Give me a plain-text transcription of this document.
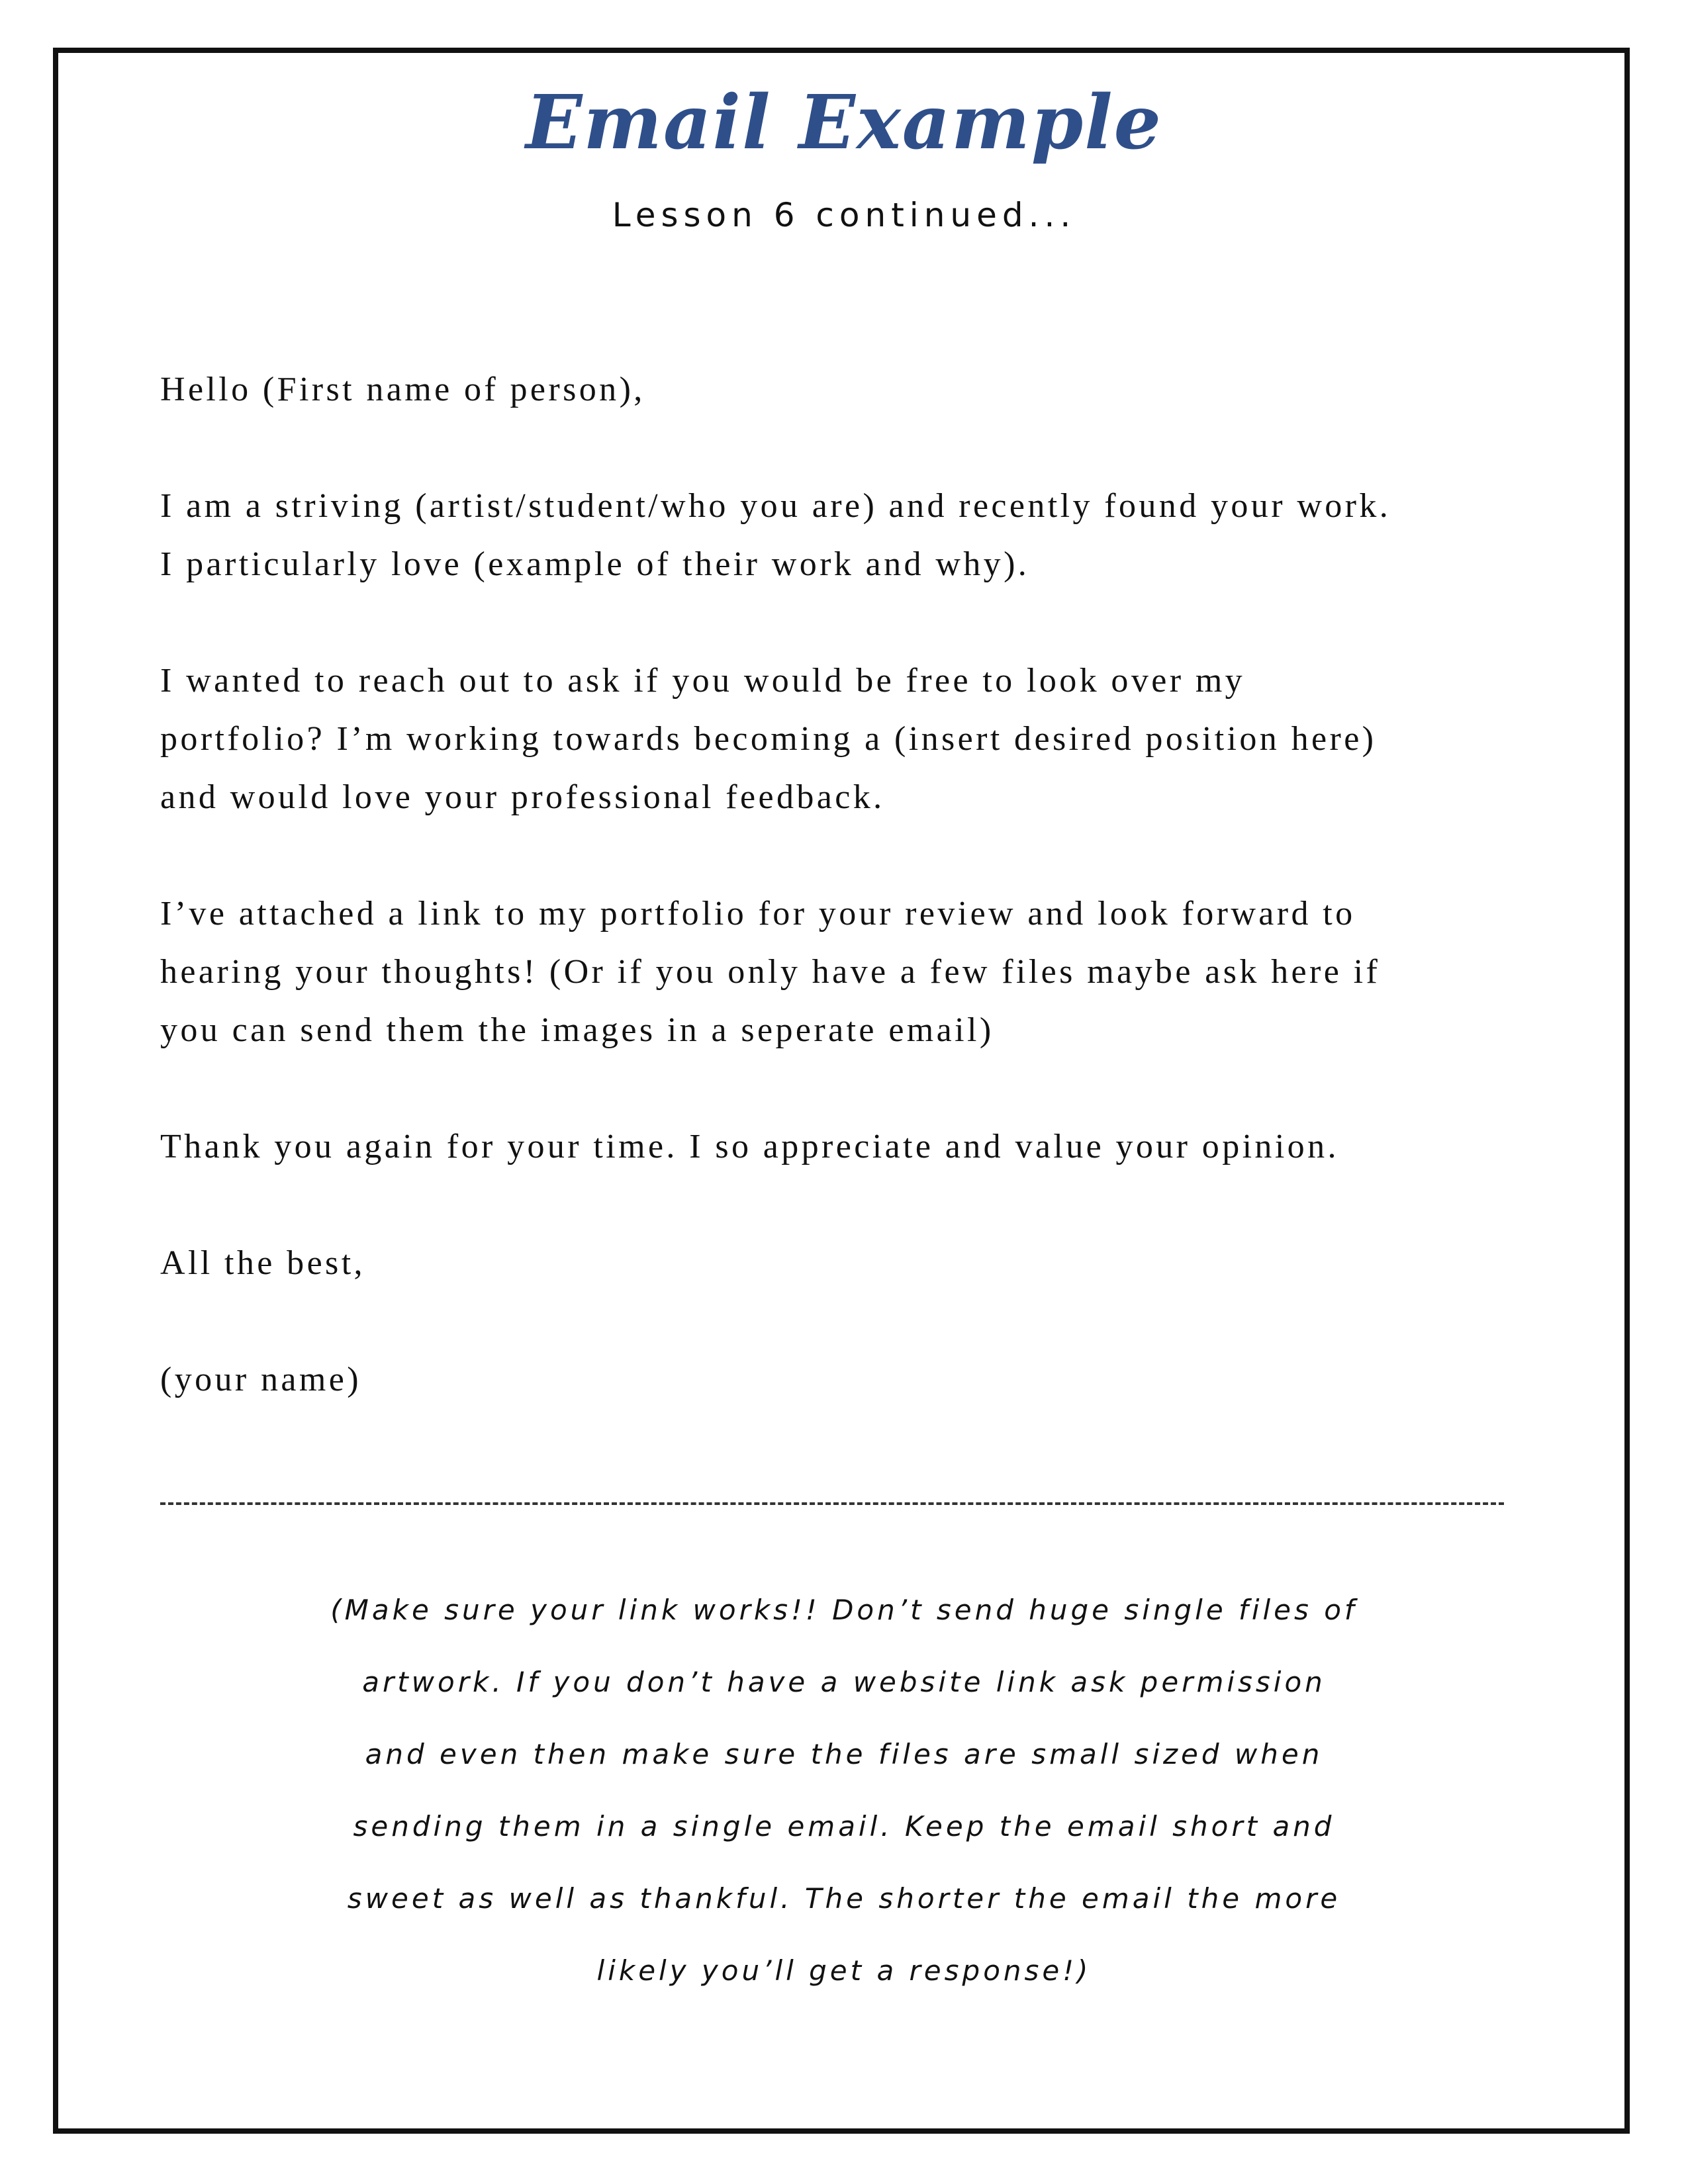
Email Example
Lesson 6 continued...

Hello (First name of person),

I am a striving (artist/student/who you are) and recently found your work.
I particularly love (example of their work and why).

I wanted to reach out to ask if you would be free to look over my
portfolio? I’m working towards becoming a (insert desired position here)
and would love your professional feedback.

I’ve attached a link to my portfolio for your review and look forward to
hearing your thoughts! (Or if you only have a few files maybe ask here if
you can send them the images in a seperate email)

Thank you again for your time. I so appreciate and value your opinion.

All the best,

(your name)

(Make sure your link works!! Don’t send huge single files of
artwork. If you don’t have a website link ask permission
and even then make sure the files are small sized when
sending them in a single email. Keep the email short and
sweet as well as thankful. The shorter the email the more
likely you’ll get a response!)
